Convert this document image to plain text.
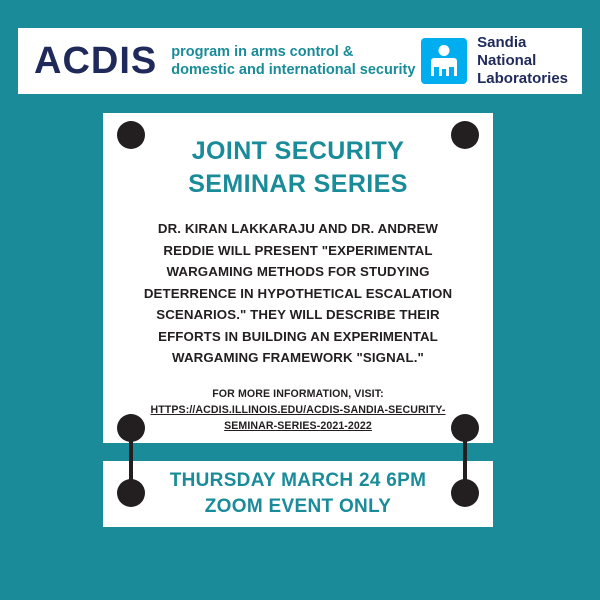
ACDIS program in arms control &
domestic and international security
Sandia
National
Laboratories
JOINT SECURITY
SEMINAR SERIES

DR. KIRAN LAKKARAJU AND DR. ANDREW REDDIE WILL PRESENT "EXPERIMENTAL WARGAMING METHODS FOR STUDYING DETERRENCE IN HYPOTHETICAL ESCALATION SCENARIOS." THEY WILL DESCRIBE THEIR EFFORTS IN BUILDING AN EXPERIMENTAL WARGAMING FRAMEWORK "SIGNAL."

FOR MORE INFORMATION, VISIT:
HTTPS://ACDIS.ILLINOIS.EDU/ACDIS-SANDIA-SECURITY-SEMINAR-SERIES-2021-2022

THURSDAY MARCH 24 6PM
ZOOM EVENT ONLY
